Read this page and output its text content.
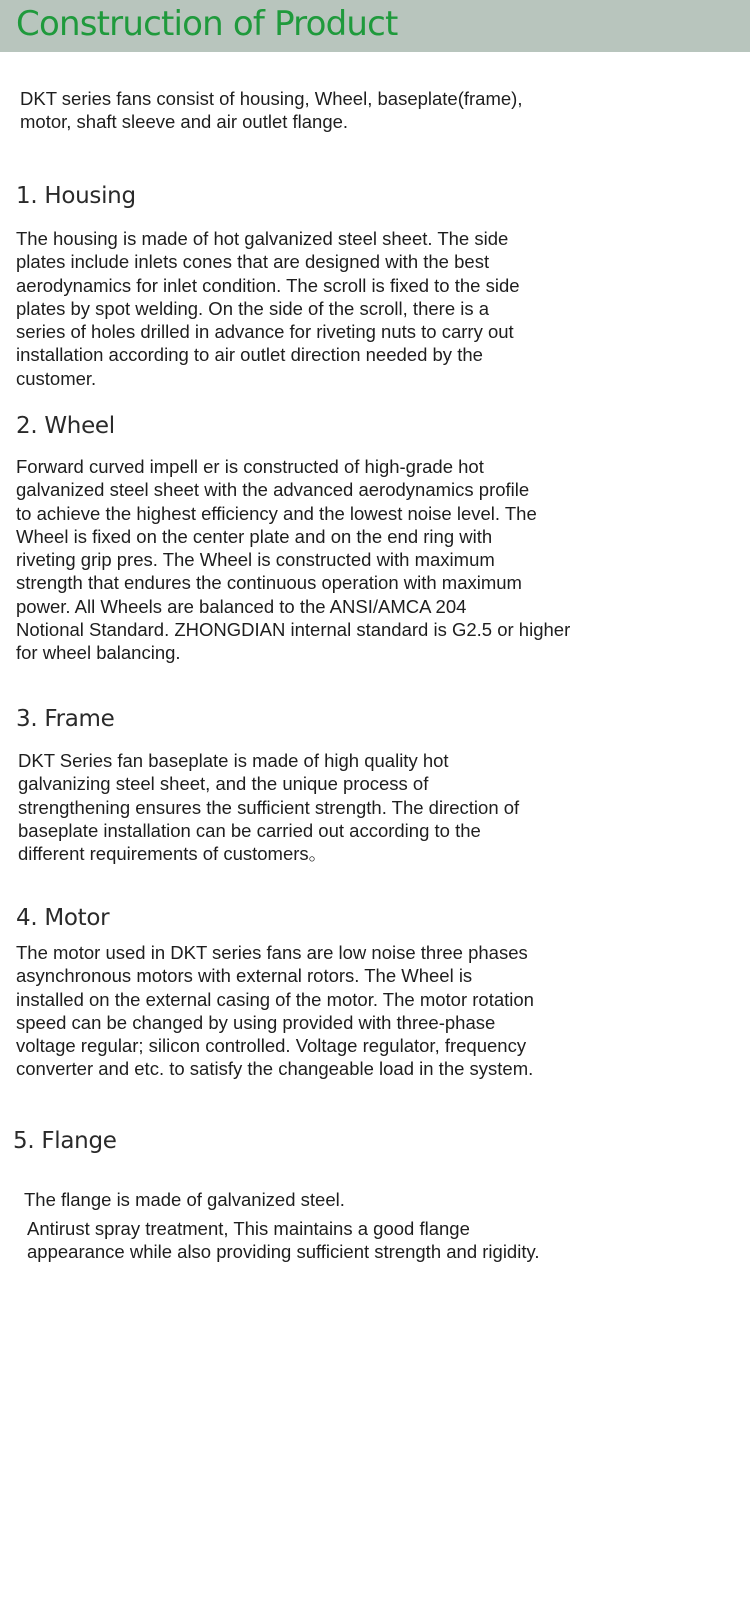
Construction of Product

DKT series fans consist of housing, Wheel, baseplate(frame),
motor, shaft sleeve and air outlet flange.

1. Housing

The housing is made of hot galvanized steel sheet. The side
plates include inlets cones that are designed with the best
aerodynamics for inlet condition. The scroll is fixed to the side
plates by spot welding. On the side of the scroll, there is a
series of holes drilled in advance for riveting nuts to carry out
installation according to air outlet direction needed by the
customer.

2. Wheel

Forward curved impell er is constructed of high-grade hot
galvanized steel sheet with the advanced aerodynamics profile
to achieve the highest efficiency and the lowest noise level. The
Wheel is fixed on the center plate and on the end ring with
riveting grip pres. The Wheel is constructed with maximum
strength that endures the continuous operation with maximum
power. All Wheels are balanced to the ANSI/AMCA 204
Notional Standard. ZHONGDIAN internal standard is G2.5 or higher
for wheel balancing.

3. Frame

DKT Series fan baseplate is made of high quality hot
galvanizing steel sheet, and the unique process of
strengthening ensures the sufficient strength. The direction of
baseplate installation can be carried out according to the
different requirements of customers。

4. Motor

The motor used in DKT series fans are low noise three phases
asynchronous motors with external rotors. The Wheel is
installed on the external casing of the motor. The motor rotation
speed can be changed by using provided with three-phase
voltage regular; silicon controlled. Voltage regulator, frequency
converter and etc. to satisfy the changeable load in the system.

5. Flange

The flange is made of galvanized steel.

Antirust spray treatment, This maintains a good flange
appearance while also providing sufficient strength and rigidity.
